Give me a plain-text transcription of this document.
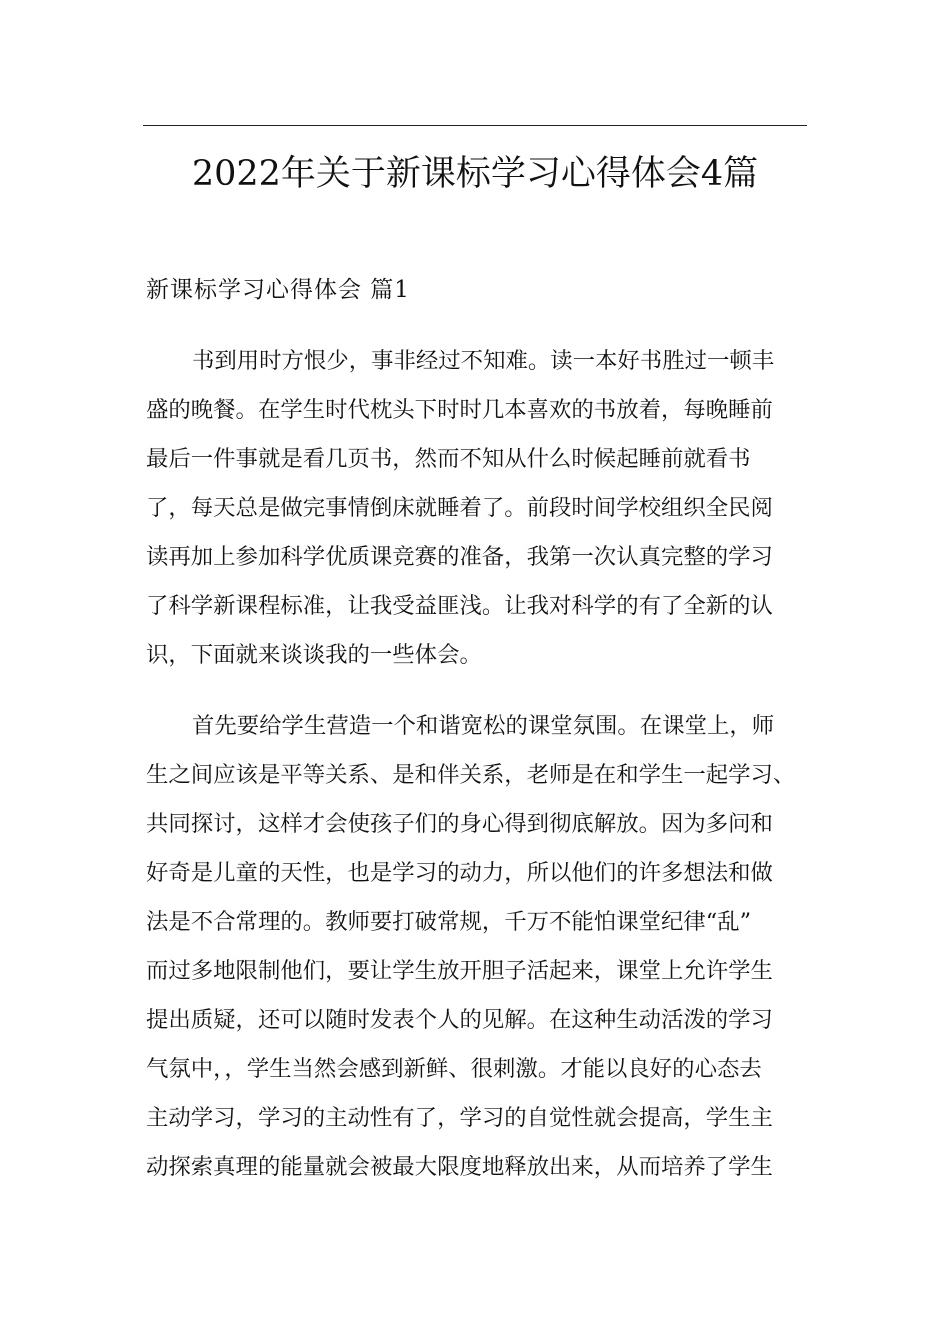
2022年关于新课标学习心得体会4篇
新课标学习心得体会 篇1
书到用时方恨少，事非经过不知难。读一本好书胜过一顿丰
盛的晚餐。在学生时代枕头下时时几本喜欢的书放着，每晚睡前
最后一件事就是看几页书，然而不知从什么时候起睡前就看书
了，每天总是做完事情倒床就睡着了。前段时间学校组织全民阅
读再加上参加科学优质课竞赛的准备，我第一次认真完整的学习
了科学新课程标准，让我受益匪浅。让我对科学的有了全新的认
识，下面就来谈谈我的一些体会。
首先要给学生营造一个和谐宽松的课堂氛围。在课堂上，师
生之间应该是平等关系、是和伴关系，老师是在和学生一起学习、
共同探讨，这样才会使孩子们的身心得到彻底解放。因为多问和
好奇是儿童的天性，也是学习的动力，所以他们的许多想法和做
法是不合常理的。教师要打破常规，千万不能怕课堂纪律“乱”
而过多地限制他们，要让学生放开胆子活起来，课堂上允许学生
提出质疑，还可以随时发表个人的见解。在这种生动活泼的学习
气氛中，，学生当然会感到新鲜、很刺激。才能以良好的心态去
主动学习，学习的主动性有了，学习的自觉性就会提高，学生主
动探索真理的能量就会被最大限度地释放出来，从而培养了学生
